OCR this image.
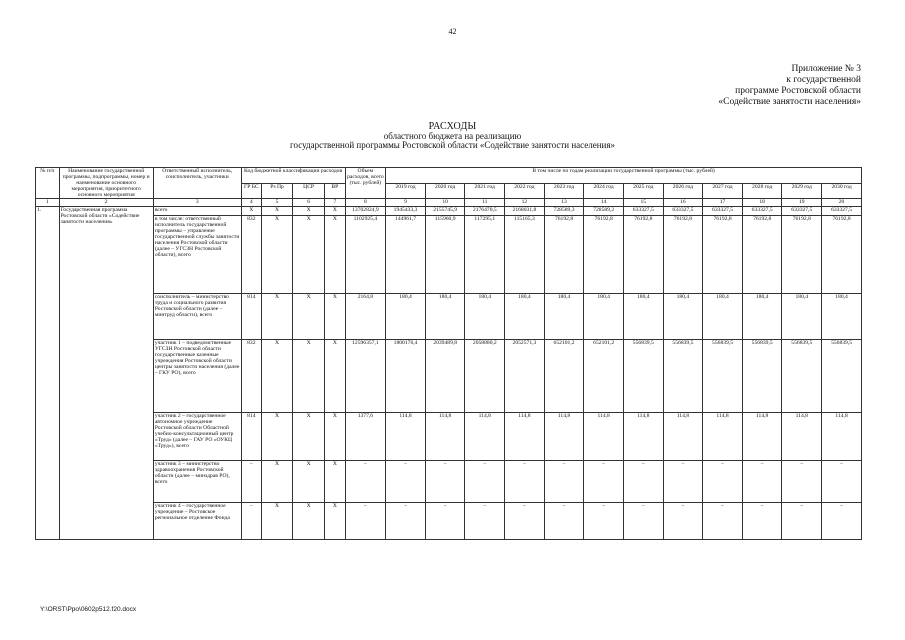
42
Приложение № 3
к государственной
программе Ростовской области
«Содействие занятости населения»
РАСХОДЫ
областного бюджета на реализацию
государственной программы Ростовской области «Содействие занятости населения»
№ п/п	Наименование государственной программы, подпрограммы, номер и наименование основного мероприятия, приоритетного основного мероприятия	Ответственный исполнитель, соисполнитель, участники	Код бюджетной классификации расходов				Объем расходов, всего (тыс. рублей)	В том числе по годам реализации государственной программы (тыс. рублей)											
			ГР БС	Рз Пр	ЦСР	ВР		2019 год	2020 год	2021 год	2022 год	2023 год	2024 год	2025 год	2026 год	2027 год	2028 год	2029 год	2030 год
1	2	3	4	5	6	7	8	9	10	11	12	13	14	15	16	17	18	19	20
1.	Государственная программа Ростовской области «Содействие занятости населения»	всего	Х	Х	Х	Х	13702824,9	1945433,3	2155745,9	2176470,5	2168031,8	728589,3	728589,2	633327,5	633327,5	633327,5	633327,5	633327,5	633327,5
		в том числе: ответственный исполнитель государственной программы – управление государственной службы занятости населения Ростовской области (далее – УГСЗН Ростовской области), всего	832	Х	Х	Х	1102925,4	144961,7	115960,9	117295,1	115165,3	76192,8	76192,8	76192,8	76192,8	76192,8	76192,8	76192,8	76192,8
		соисполнитель – министерство труда и социального развития Ростовской области (далее – минтруд области), всего	814	Х	Х	Х	2164,8	180,4	180,4	180,4	180,4	180,4	180,4	180,4	180,4	180,4	180,4	180,4	180,4
		участник 1 – подведомственные УГСЗН Ростовской области государственные казенные учреждения Ростовской области центры занятости населения (далее – ГКУ РО), всего	832	Х	Х	Х	12596357,1	1800176,4	2039489,8	2058880,2	2052571,3	652101,2	652101,2	556839,5	556839,5	556839,5	556839,5	556839,5	556839,5
		участник 2 – государственное автономное учреждение Ростовской области Областной учебно-консультационный центр «Труд» (далее – ГАУ РО «ОУКЦ «Труд»), всего	814	Х	Х	Х	1377,6	114,8	114,8	114,8	114,8	114,8	114,8	114,8	114,8	114,8	114,8	114,8	114,8
		участник 3 – министерство здравоохранения Ростовской области (далее – минздрав РО), всего	–	Х	Х	Х	–	–	–	–	–	–	–	–	–	–	–	–	–
		участник 4 – государственное учреждение – Ростовское региональное отделение Фонда	–	Х	Х	Х	–	–	–	–	–	–	–	–	–	–	–	–	–
Y:\ORST\Ppo\0602p512.f20.docx
